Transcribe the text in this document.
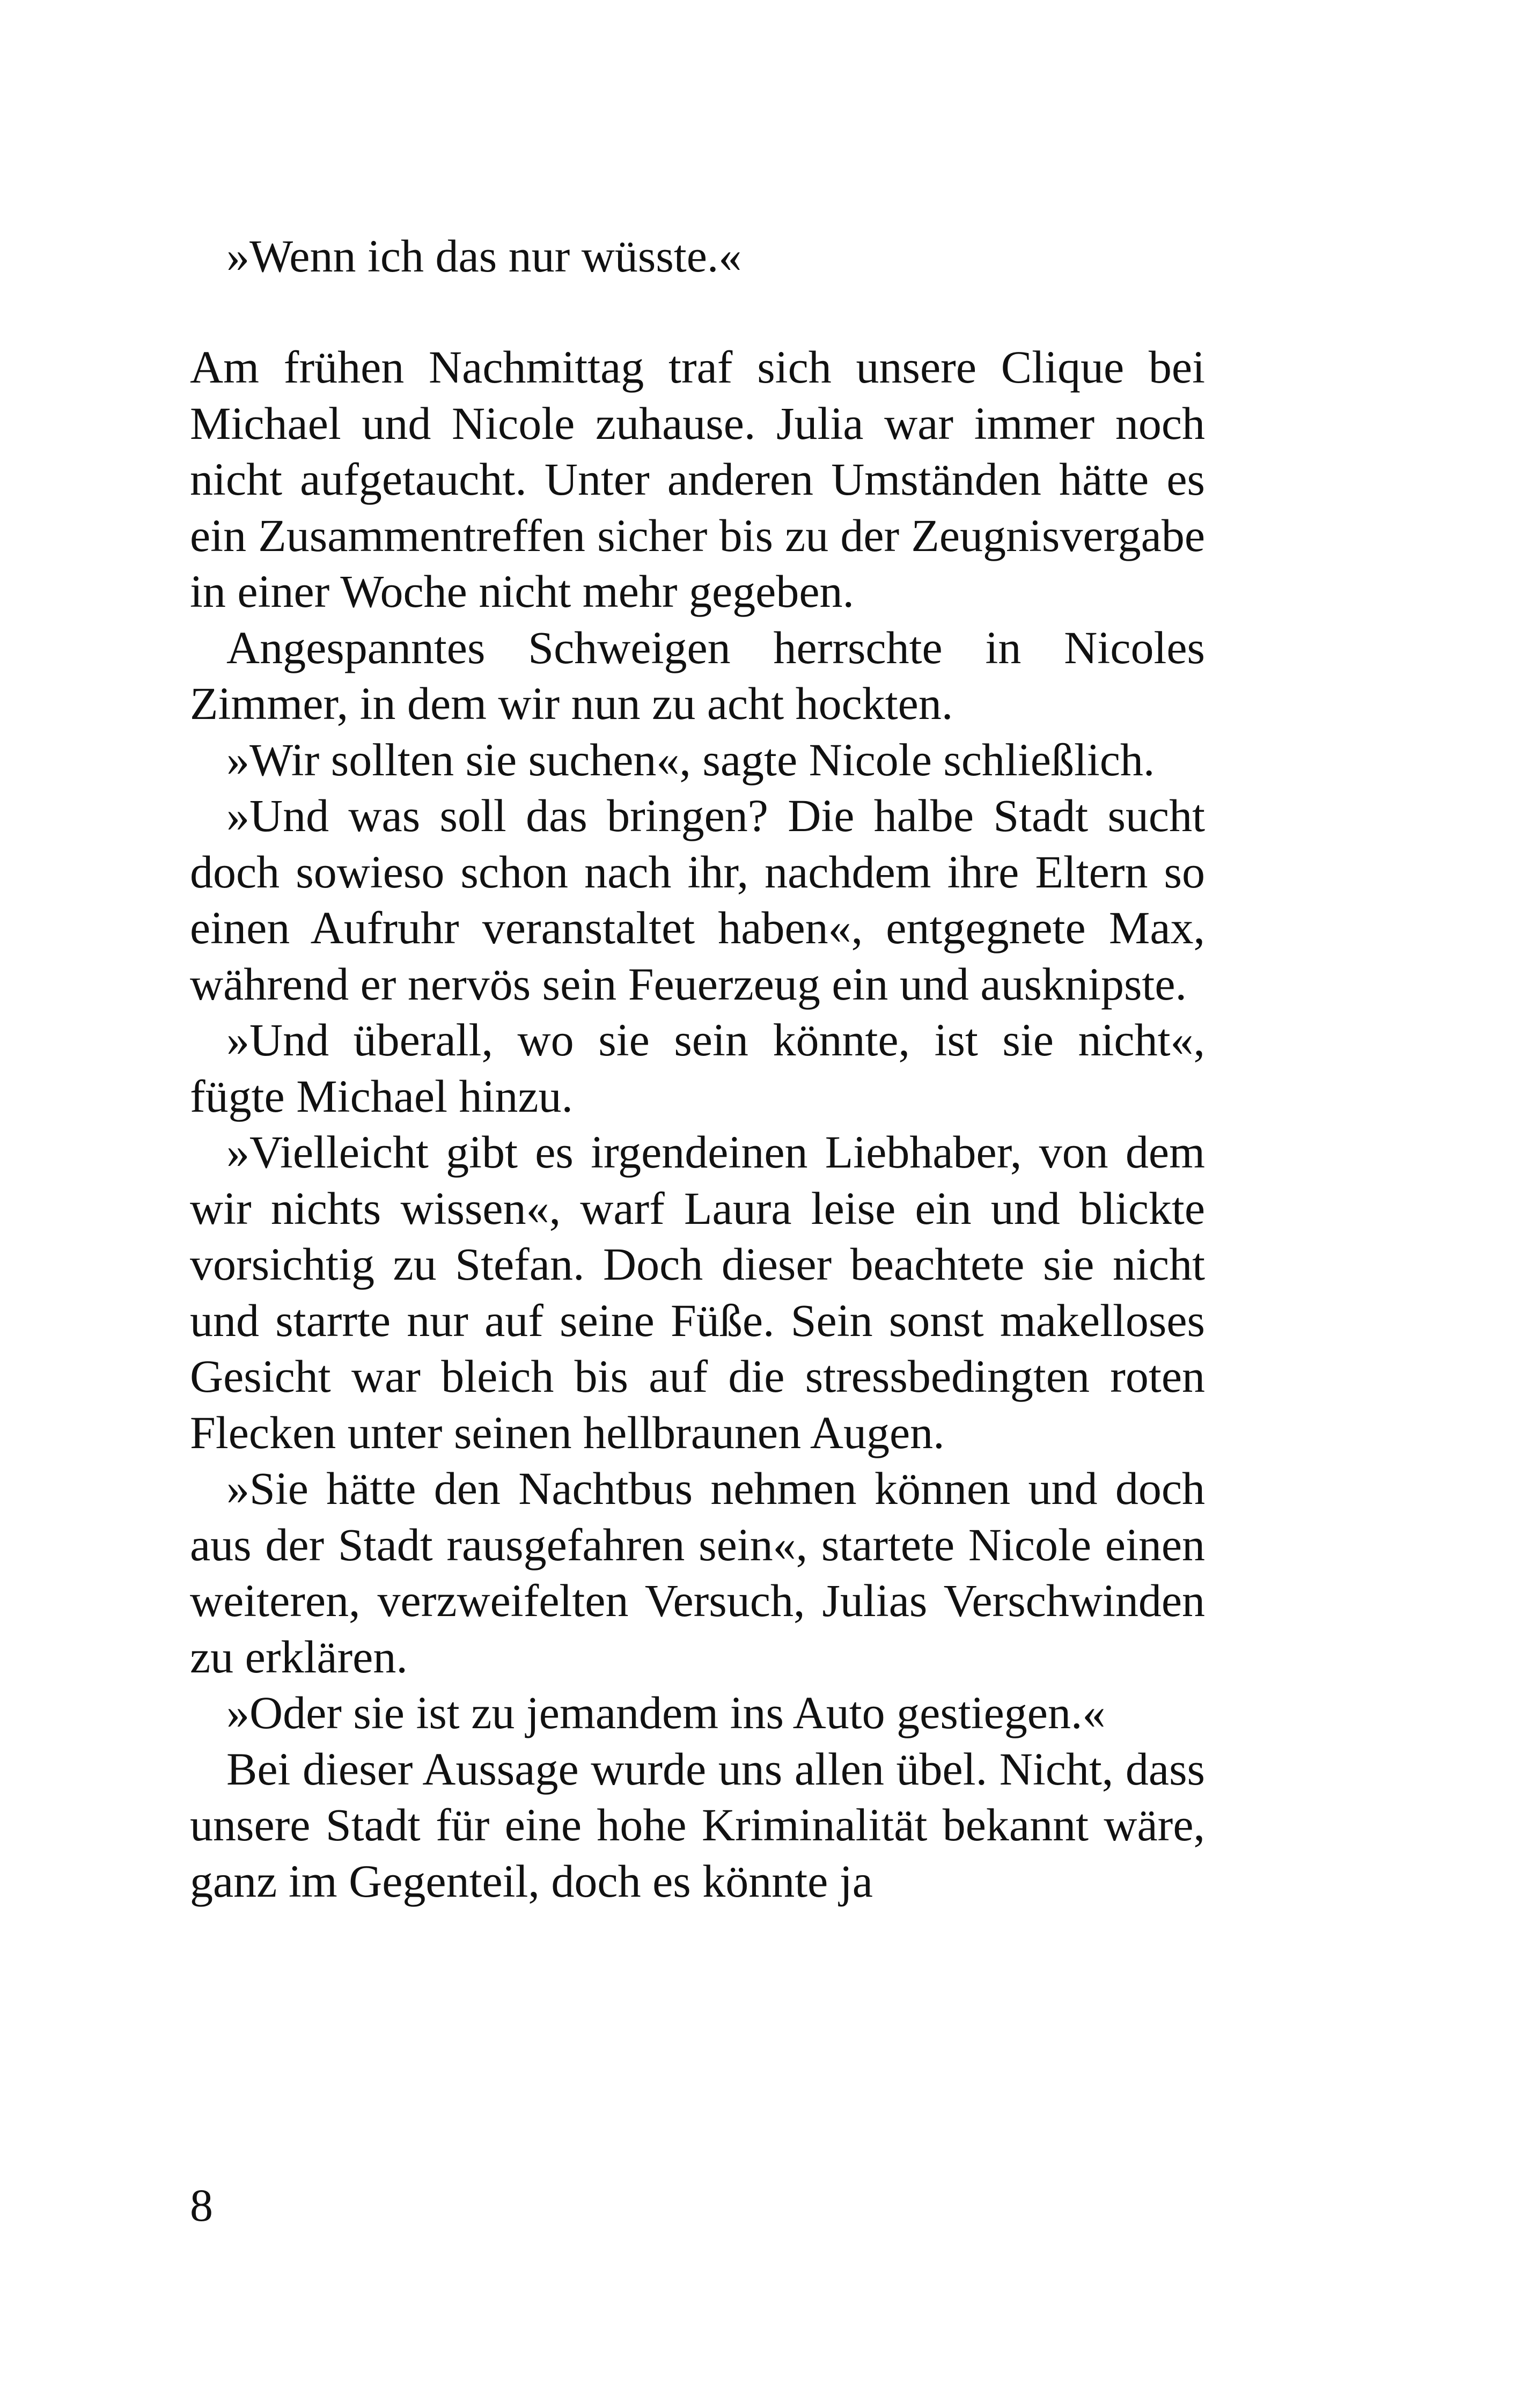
»Wenn ich das nur wüsste.«

Am frühen Nachmittag traf sich unsere Clique bei Michael und Nicole zuhause. Julia war immer noch nicht aufgetaucht. Unter anderen Umständen hätte es ein Zusammentreffen sicher bis zu der Zeugnisvergabe in einer Woche nicht mehr gegeben.

Angespanntes Schweigen herrschte in Nicoles Zimmer, in dem wir nun zu acht hockten.

»Wir sollten sie suchen«, sagte Nicole schließlich.

»Und was soll das bringen? Die halbe Stadt sucht doch sowieso schon nach ihr, nachdem ihre Eltern so einen Aufruhr veranstaltet haben«, entgegnete Max, während er nervös sein Feuerzeug ein und ausknipste.

»Und überall, wo sie sein könnte, ist sie nicht«, fügte Michael hinzu.

»Vielleicht gibt es irgendeinen Liebhaber, von dem wir nichts wissen«, warf Laura leise ein und blickte vorsichtig zu Stefan. Doch dieser beachtete sie nicht und starrte nur auf seine Füße. Sein sonst makelloses Gesicht war bleich bis auf die stressbedingten roten Flecken unter seinen hellbraunen Augen.

»Sie hätte den Nachtbus nehmen können und doch aus der Stadt rausgefahren sein«, startete Nicole einen weiteren, verzweifelten Versuch, Julias Verschwinden zu erklären.

»Oder sie ist zu jemandem ins Auto gestiegen.«

Bei dieser Aussage wurde uns allen übel. Nicht, dass unsere Stadt für eine hohe Kriminalität bekannt wäre, ganz im Gegenteil, doch es könnte ja

8
